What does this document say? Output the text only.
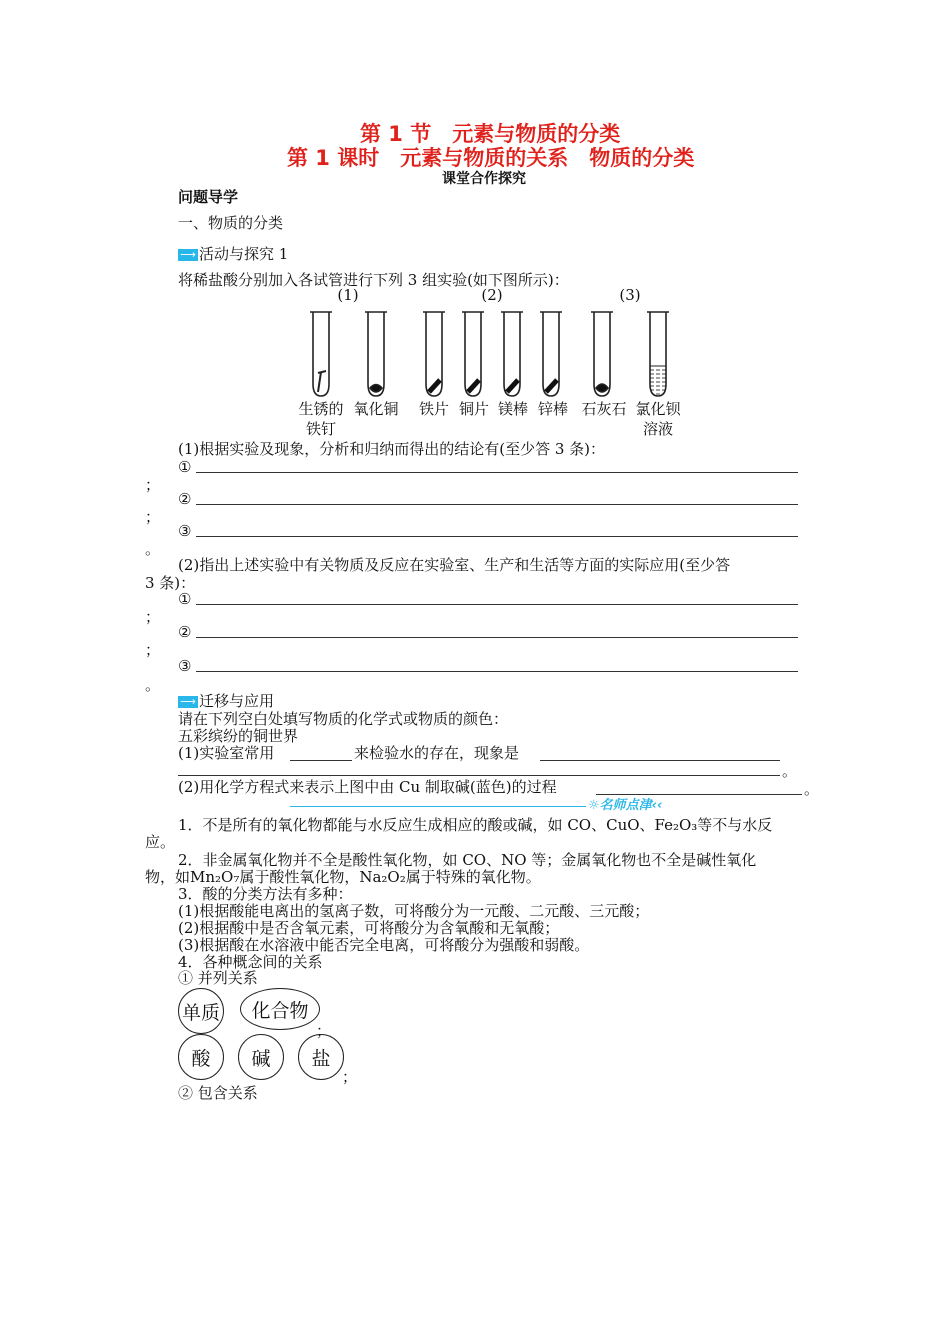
第 1 节　元素与物质的分类
第 1 课时　元素与物质的关系　物质的分类
课堂合作探究
问题导学
一、物质的分类
⟶ 活动与探究 1
将稀盐酸分别加入各试管进行下列 3 组实验(如下图所示)：
(1)	(2)	(3)
生锈的
铁钉
氧化铜 铁片 铜片 镁棒 锌棒 石灰石 氯化钡
溶液
(1)根据实验及现象，分析和归纳而得出的结论有(至少答 3 条)：
①
；
②
；
③
。
(2)指出上述实验中有关物质及反应在实验室、生产和生活等方面的实际应用(至少答
3 条)：
①
；
②
；
③
。
⟶ 迁移与应用
请在下列空白处填写物质的化学式或物质的颜色：
五彩缤纷的铜世界
(1)实验室常用	来检验水的存在，现象是
。
(2)用化学方程式来表示上图中由 Cu 制取碱(蓝色)的过程	。
☼名师点津‹‹
1．不是所有的氧化物都能与水反应生成相应的酸或碱，如 CO、CuO、Fe₂O₃等不与水反
应。
2．非金属氧化物并不全是酸性氧化物，如 CO、NO 等；金属氧化物也不全是碱性氧化
物，如Mn₂O₇属于酸性氧化物，Na₂O₂属于特殊的氧化物。
3．酸的分类方法有多种：
(1)根据酸能电离出的氢离子数，可将酸分为一元酸、二元酸、三元酸；
(2)根据酸中是否含氧元素，可将酸分为含氧酸和无氧酸；
(3)根据酸在水溶液中能否完全电离，可将酸分为强酸和弱酸。
4．各种概念间的关系
① 并列关系
单质	化合物
；
酸	碱	盐
；
② 包含关系
